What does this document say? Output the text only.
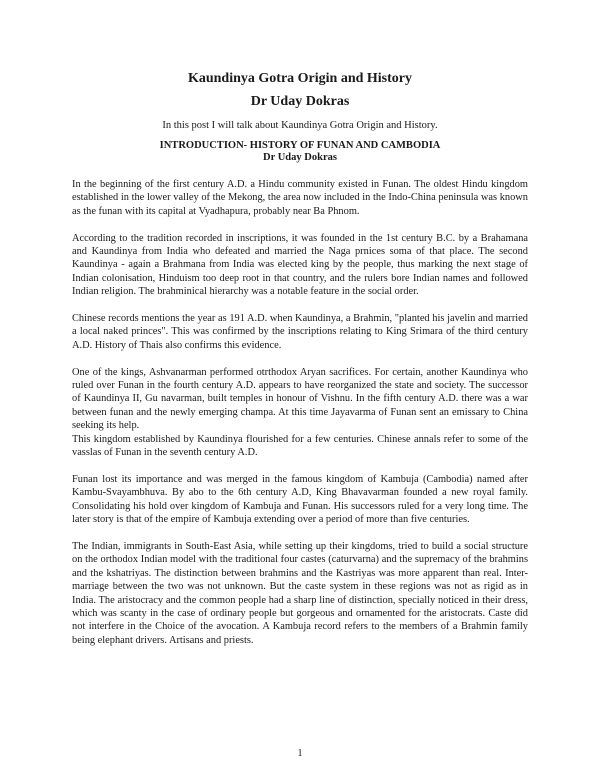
Kaundinya Gotra Origin and History
Dr Uday Dokras
In this post I will talk about Kaundinya Gotra Origin and History.
INTRODUCTION- HISTORY OF FUNAN AND CAMBODIA
Dr Uday Dokras

In the beginning of the first century A.D. a Hindu community existed in Funan. The oldest Hindu kingdom established in the lower valley of the Mekong, the area now included in the Indo-China peninsula was known as the funan with its capital at Vyadhapura, probably near Ba Phnom.

According to the tradition recorded in inscriptions, it was founded in the 1st century B.C. by a Brahamana and Kaundinya from India who defeated and married the Naga prnices soma of that place. The second Kaundinya - again a Brahmana from India was elected king by the people, thus marking the next stage of Indian colonisation, Hinduism too deep root in that country, and the rulers bore Indian names and followed Indian religion. The brahminical hierarchy was a notable feature in the social order.

Chinese records mentions the year as 191 A.D. when Kaundinya, a Brahmin, "planted his javelin and married a local naked princes". This was confirmed by the inscriptions relating to King Srimara of the third century A.D. History of Thais also confirms this evidence.

One of the kings, Ashvanarman performed otrthodox Aryan sacrifices. For certain, another Kaundinya who ruled over Funan in the fourth century A.D. appears to have reorganized the state and society. The successor of Kaundinya II, Gu navarman, built temples in honour of Vishnu. In the fifth century A.D. there was a war between funan and the newly emerging champa. At this time Jayavarma of Funan sent an emissary to China seeking its help.

This kingdom established by Kaundinya flourished for a few centuries. Chinese annals refer to some of the vasslas of Funan in the seventh century A.D.

Funan lost its importance and was merged in the famous kingdom of Kambuja (Cambodia) named after Kambu-Svayambhuva. By abo to the 6th century A.D, King Bhavavarman founded a new royal family. Consolidating his hold over kingdom of Kambuja and Funan. His successors ruled for a very long time. The later story is that of the empire of Kambuja extending over a period of more than five centuries.

The Indian, immigrants in South-East Asia, while setting up their kingdoms, tried to build a social structure on the orthodox Indian model with the traditional four castes (caturvarna) and the supremacy of the brahmins and the kshatriyas. The distinction between brahmins and the Kastriyas was more apparent than real. Inter-marriage between the two was not unknown. But the caste system in these regions was not as rigid as in India. The aristocracy and the common people had a sharp line of distinction, specially noticed in their dress, which was scanty in the case of ordinary people but gorgeous and ornamented for the aristocrats. Caste did not interfere in the Choice of the avocation. A Kambuja record refers to the members of a Brahmin family being elephant drivers. Artisans and priests.

1
